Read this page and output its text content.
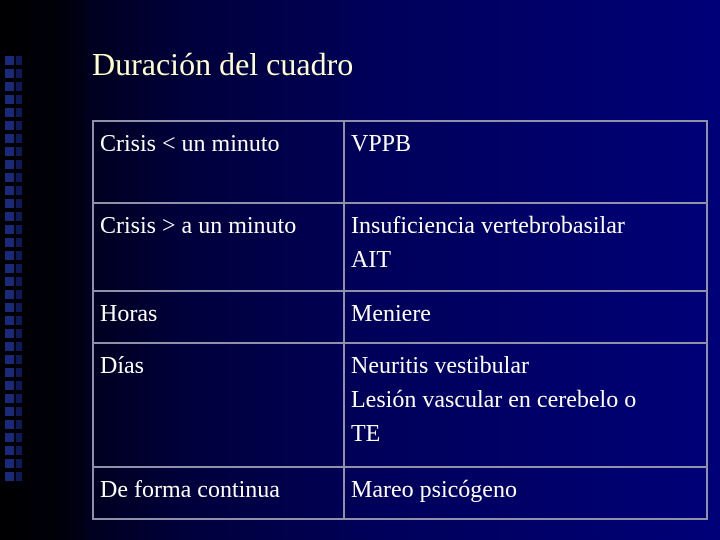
Duración del cuadro
Crisis < un minuto	VPPB

Crisis > a un minuto	Insuficiencia vertebrobasilar
AIT

Horas	Meniere

Días	Neuritis vestibular
Lesión vascular en cerebelo o
TE

De forma continua	Mareo psicógeno
